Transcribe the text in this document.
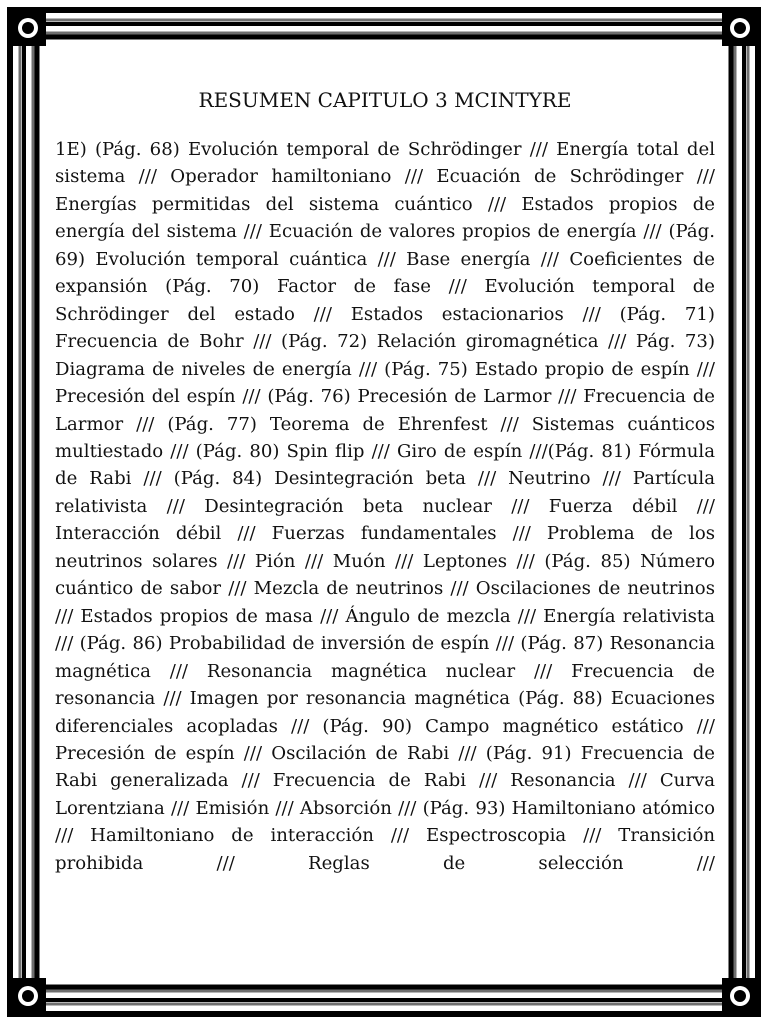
RESUMEN CAPITULO 3 MCINTYRE

1E) (Pág. 68) Evolución temporal de Schrödinger /// Energía total del sistema /// Operador hamiltoniano /// Ecuación de Schrödinger /// Energías permitidas del sistema cuántico /// Estados propios de energía del sistema /// Ecuación de valores propios de energía /// (Pág. 69) Evolución temporal cuántica /// Base energía /// Coeficientes de expansión (Pág. 70) Factor de fase /// Evolución temporal de Schrödinger del estado /// Estados estacionarios /// (Pág. 71) Frecuencia de Bohr /// (Pág. 72) Relación giromagnética /// Pág. 73) Diagrama de niveles de energía /// (Pág. 75) Estado propio de espín /// Precesión del espín /// (Pág. 76) Precesión de Larmor /// Frecuencia de Larmor /// (Pág. 77) Teorema de Ehrenfest /// Sistemas cuánticos multiestado /// (Pág. 80) Spin flip /// Giro de espín ///(Pág. 81) Fórmula de Rabi /// (Pág. 84) Desintegración beta /// Neutrino /// Partícula relativista /// Desintegración beta nuclear /// Fuerza débil /// Interacción débil /// Fuerzas fundamentales /// Problema de los neutrinos solares /// Pión /// Muón /// Leptones /// (Pág. 85) Número cuántico de sabor /// Mezcla de neutrinos /// Oscilaciones de neutrinos /// Estados propios de masa /// Ángulo de mezcla /// Energía relativista /// (Pág. 86) Probabilidad de inversión de espín /// (Pág. 87) Resonancia magnética /// Resonancia magnética nuclear /// Frecuencia de resonancia /// Imagen por resonancia magnética (Pág. 88) Ecuaciones diferenciales acopladas /// (Pág. 90) Campo magnético estático /// Precesión de espín /// Oscilación de Rabi /// (Pág. 91) Frecuencia de Rabi generalizada /// Frecuencia de Rabi /// Resonancia /// Curva Lorentziana /// Emisión /// Absorción /// (Pág. 93) Hamiltoniano atómico /// Hamiltoniano de interacción /// Espectroscopia /// Transición prohibida /// Reglas de selección ///
